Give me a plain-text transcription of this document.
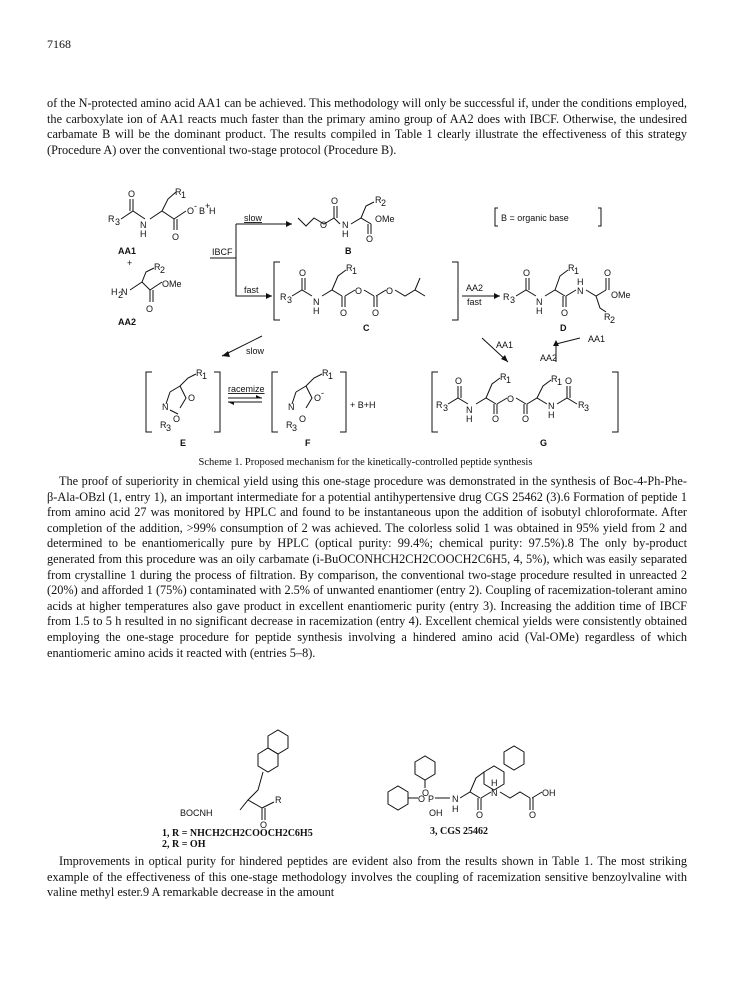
7168
of the N-protected amino acid AA1 can be achieved. This methodology will only be successful if, under the conditions employed, the carboxylate ion of AA1 reacts much faster than the primary amino group of AA2 does with IBCF. Otherwise, the undesired carbamate B will be the dominant product. The results compiled in Table 1 clearly illustrate the effectiveness of this strategy (Procedure A) over the conventional two-stage protocol (Procedure B).
R 3
O
N
H	O
R 1
O - B +
H
AA1
+
H 2
N
R 2
O
OMe
AA2
slow
IBCF
fast
O
O
N
H
R 2
O
OMe
B
B = organic base
R 3
O
N
H
R 1
O
O
O
O
C
AA2
fast R 3
O
N
H
R 1
O
N
H
R 2
O
OMe
D
AA1
AA1
AA2
slow
R 1
O
N
O
R 3
E
racemize
R 1
O -
N
O
R 3
+ B+H
F
R 3
O
N
H
R 1
O
O
O
R 1
N
H
O
R 3
G
Scheme 1. Proposed mechanism for the kinetically-controlled peptide synthesis
The proof of superiority in chemical yield using this one-stage procedure was demonstrated in the synthesis of Boc-4-Ph-Phe-β-Ala-OBzl (1, entry 1), an important intermediate for a potential antihypertensive drug CGS 25462 (3).6 Formation of peptide 1 from amino acid 27 was monitored by HPLC and found to be instantaneous upon the addition of isobutyl chloroformate. After completion of the addition, >99% consumption of 2 was achieved. The colorless solid 1 was obtained in 95% yield from 2 and determined to be enantiomerically pure by HPLC (optical purity: 99.4%; chemical purity: 97.5%).8 The only by-product generated from this procedure was an oily carbamate (i-BuOCONHCH2CH2COOCH2C6H5, 4, 5%), which was easily separated from crystalline 1 during the process of filtration. By comparison, the conventional two-stage procedure resulted in unreacted 2 (20%) and afforded 1 (75%) contaminated with 2.5% of unwanted enantiomer (entry 2). Coupling of racemization-tolerant amino acids at higher temperatures also gave product in excellent enantiomeric purity (entry 3). Increasing the addition time of IBCF from 1.5 to 5 h resulted in no significant decrease in racemization (entry 4). Excellent chemical yields were consistently obtained employing the one-stage procedure for peptide synthesis involving a hindered amino acid (Val-OMe) regardless of which enantiomeric amino acids it reacted with (entries 5–8).
BOCNH
O
R
1, R = NHCH2CH2COOCH2C6H5
2, R = OH
O
O
P
OH
N
O
H
N
H
O
OH
3, CGS 25462
Improvements in optical purity for hindered peptides are evident also from the results shown in Table 1. The most striking example of the effectiveness of this one-stage methodology involves the coupling of racemization sensitive benzoylvaline with valine methyl ester.9 A remarkable decrease in the amount
